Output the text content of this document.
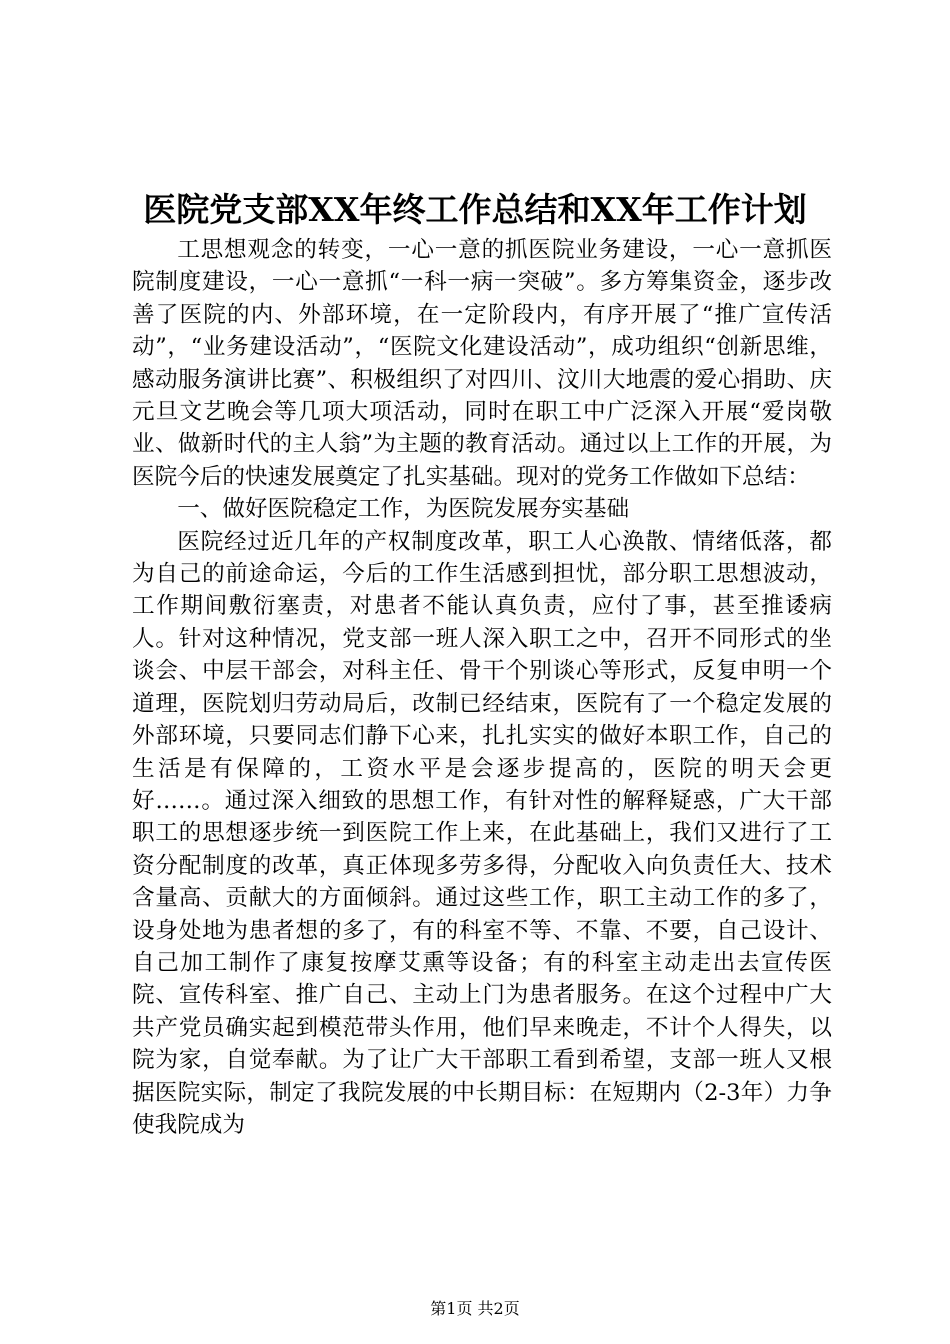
医院党支部XX年终工作总结和XX年工作计划

工思想观念的转变，一心一意的抓医院业务建设，一心一意抓医院制度建设，一心一意抓“一科一病一突破”。多方筹集资金，逐步改善了医院的内、外部环境，在一定阶段内，有序开展了“推广宣传活动”，“业务建设活动”，“医院文化建设活动”，成功组织“创新思维，感动服务演讲比赛”、积极组织了对四川、汶川大地震的爱心捐助、庆元旦文艺晚会等几项大项活动，同时在职工中广泛深入开展“爱岗敬业、做新时代的主人翁”为主题的教育活动。通过以上工作的开展，为医院今后的快速发展奠定了扎实基础。现对的党务工作做如下总结：

一、做好医院稳定工作，为医院发展夯实基础

医院经过近几年的产权制度改革，职工人心涣散、情绪低落，都为自己的前途命运，今后的工作生活感到担忧，部分职工思想波动，工作期间敷衍塞责，对患者不能认真负责，应付了事，甚至推诿病人。针对这种情况，党支部一班人深入职工之中，召开不同形式的坐谈会、中层干部会，对科主任、骨干个别谈心等形式，反复申明一个道理，医院划归劳动局后，改制已经结束，医院有了一个稳定发展的外部环境，只要同志们静下心来，扎扎实实的做好本职工作，自己的生活是有保障的，工资水平是会逐步提高的，医院的明天会更好……。通过深入细致的思想工作，有针对性的解释疑惑，广大干部职工的思想逐步统一到医院工作上来，在此基础上，我们又进行了工资分配制度的改革，真正体现多劳多得，分配收入向负责任大、技术含量高、贡献大的方面倾斜。通过这些工作，职工主动工作的多了，设身处地为患者想的多了，有的科室不等、不靠、不要，自己设计、自己加工制作了康复按摩艾熏等设备；有的科室主动走出去宣传医院、宣传科室、推广自己、主动上门为患者服务。在这个过程中广大共产党员确实起到模范带头作用，他们早来晚走，不计个人得失，以院为家，自觉奉献。为了让广大干部职工看到希望，支部一班人又根据医院实际，制定了我院发展的中长期目标：在短期内（2-3年）力争使我院成为

第1页 共2页
